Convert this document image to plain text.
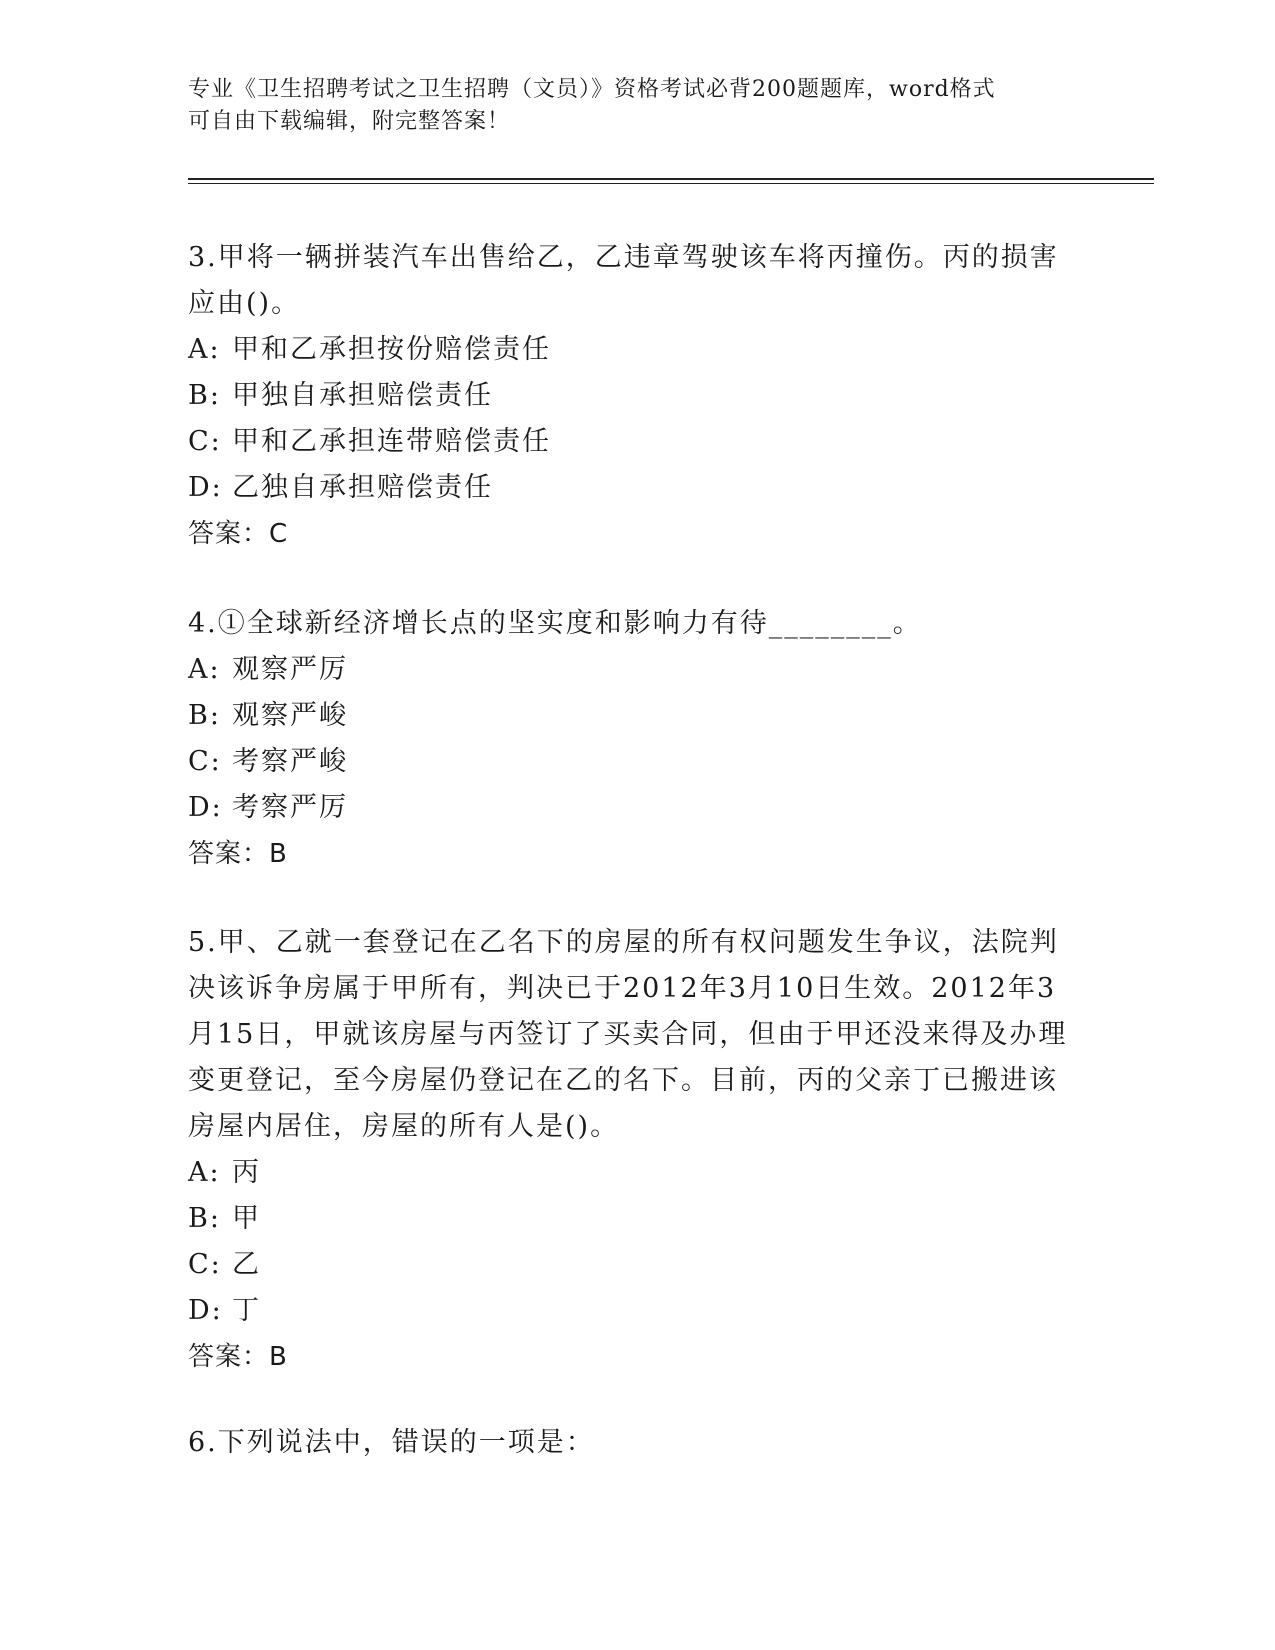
专业《卫生招聘考试之卫生招聘（文员）》资格考试必背200题题库，word格式
可自由下载编辑，附完整答案！

3.甲将一辆拼装汽车出售给乙，乙违章驾驶该车将丙撞伤。丙的损害

应由()。

A: 甲和乙承担按份赔偿责任

B: 甲独自承担赔偿责任

C: 甲和乙承担连带赔偿责任

D: 乙独自承担赔偿责任

答案：C

4.①全球新经济增长点的坚实度和影响力有待________。

A: 观察严厉

B: 观察严峻

C: 考察严峻

D: 考察严厉

答案：B

5.甲、乙就一套登记在乙名下的房屋的所有权问题发生争议，法院判

决该诉争房属于甲所有，判决已于2012年3月10日生效。2012年3

月15日，甲就该房屋与丙签订了买卖合同，但由于甲还没来得及办理

变更登记，至今房屋仍登记在乙的名下。目前，丙的父亲丁已搬进该

房屋内居住，房屋的所有人是()。

A: 丙

B: 甲

C: 乙

D: 丁

答案：B

6.下列说法中，错误的一项是：
